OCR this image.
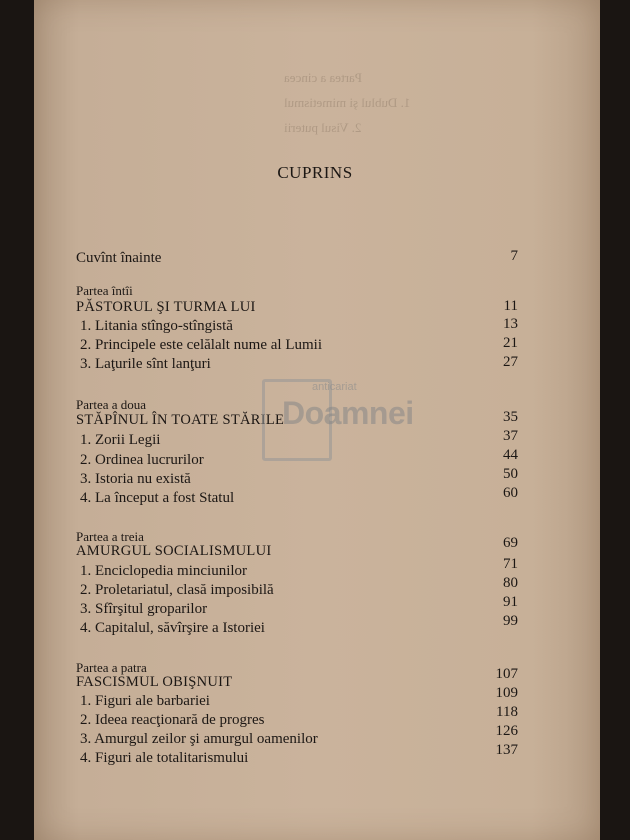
Partea a cincea
1. Dublul şi mimetismul
2. Visul puterii
CUPRINS
Cuvînt înainte	7
Partea întîi
PĂSTORUL ŞI TURMA LUI	11
1. Litania stîngo-stîngistă	13
2. Principele este celălalt nume al Lumii	21
3. Laţurile sînt lanţuri	27
Partea a doua
STĂPÎNUL ÎN TOATE STĂRILE	35
1. Zorii Legii	37
2. Ordinea lucrurilor	44
3. Istoria nu există	50
4. La început a fost Statul	60
Partea a treia
AMURGUL SOCIALISMULUI	69
1. Enciclopedia minciunilor	71
2. Proletariatul, clasă imposibilă	80
3. Sfîrşitul groparilor	91
4. Capitalul, săvîrşire a Istoriei	99
Partea a patra
FASCISMUL OBIŞNUIT	107
1. Figuri ale barbariei	109
2. Ideea reacţionară de progres	118
3. Amurgul zeilor şi amurgul oamenilor	126
4. Figuri ale totalitarismului	137
anticariat
Doamnei
